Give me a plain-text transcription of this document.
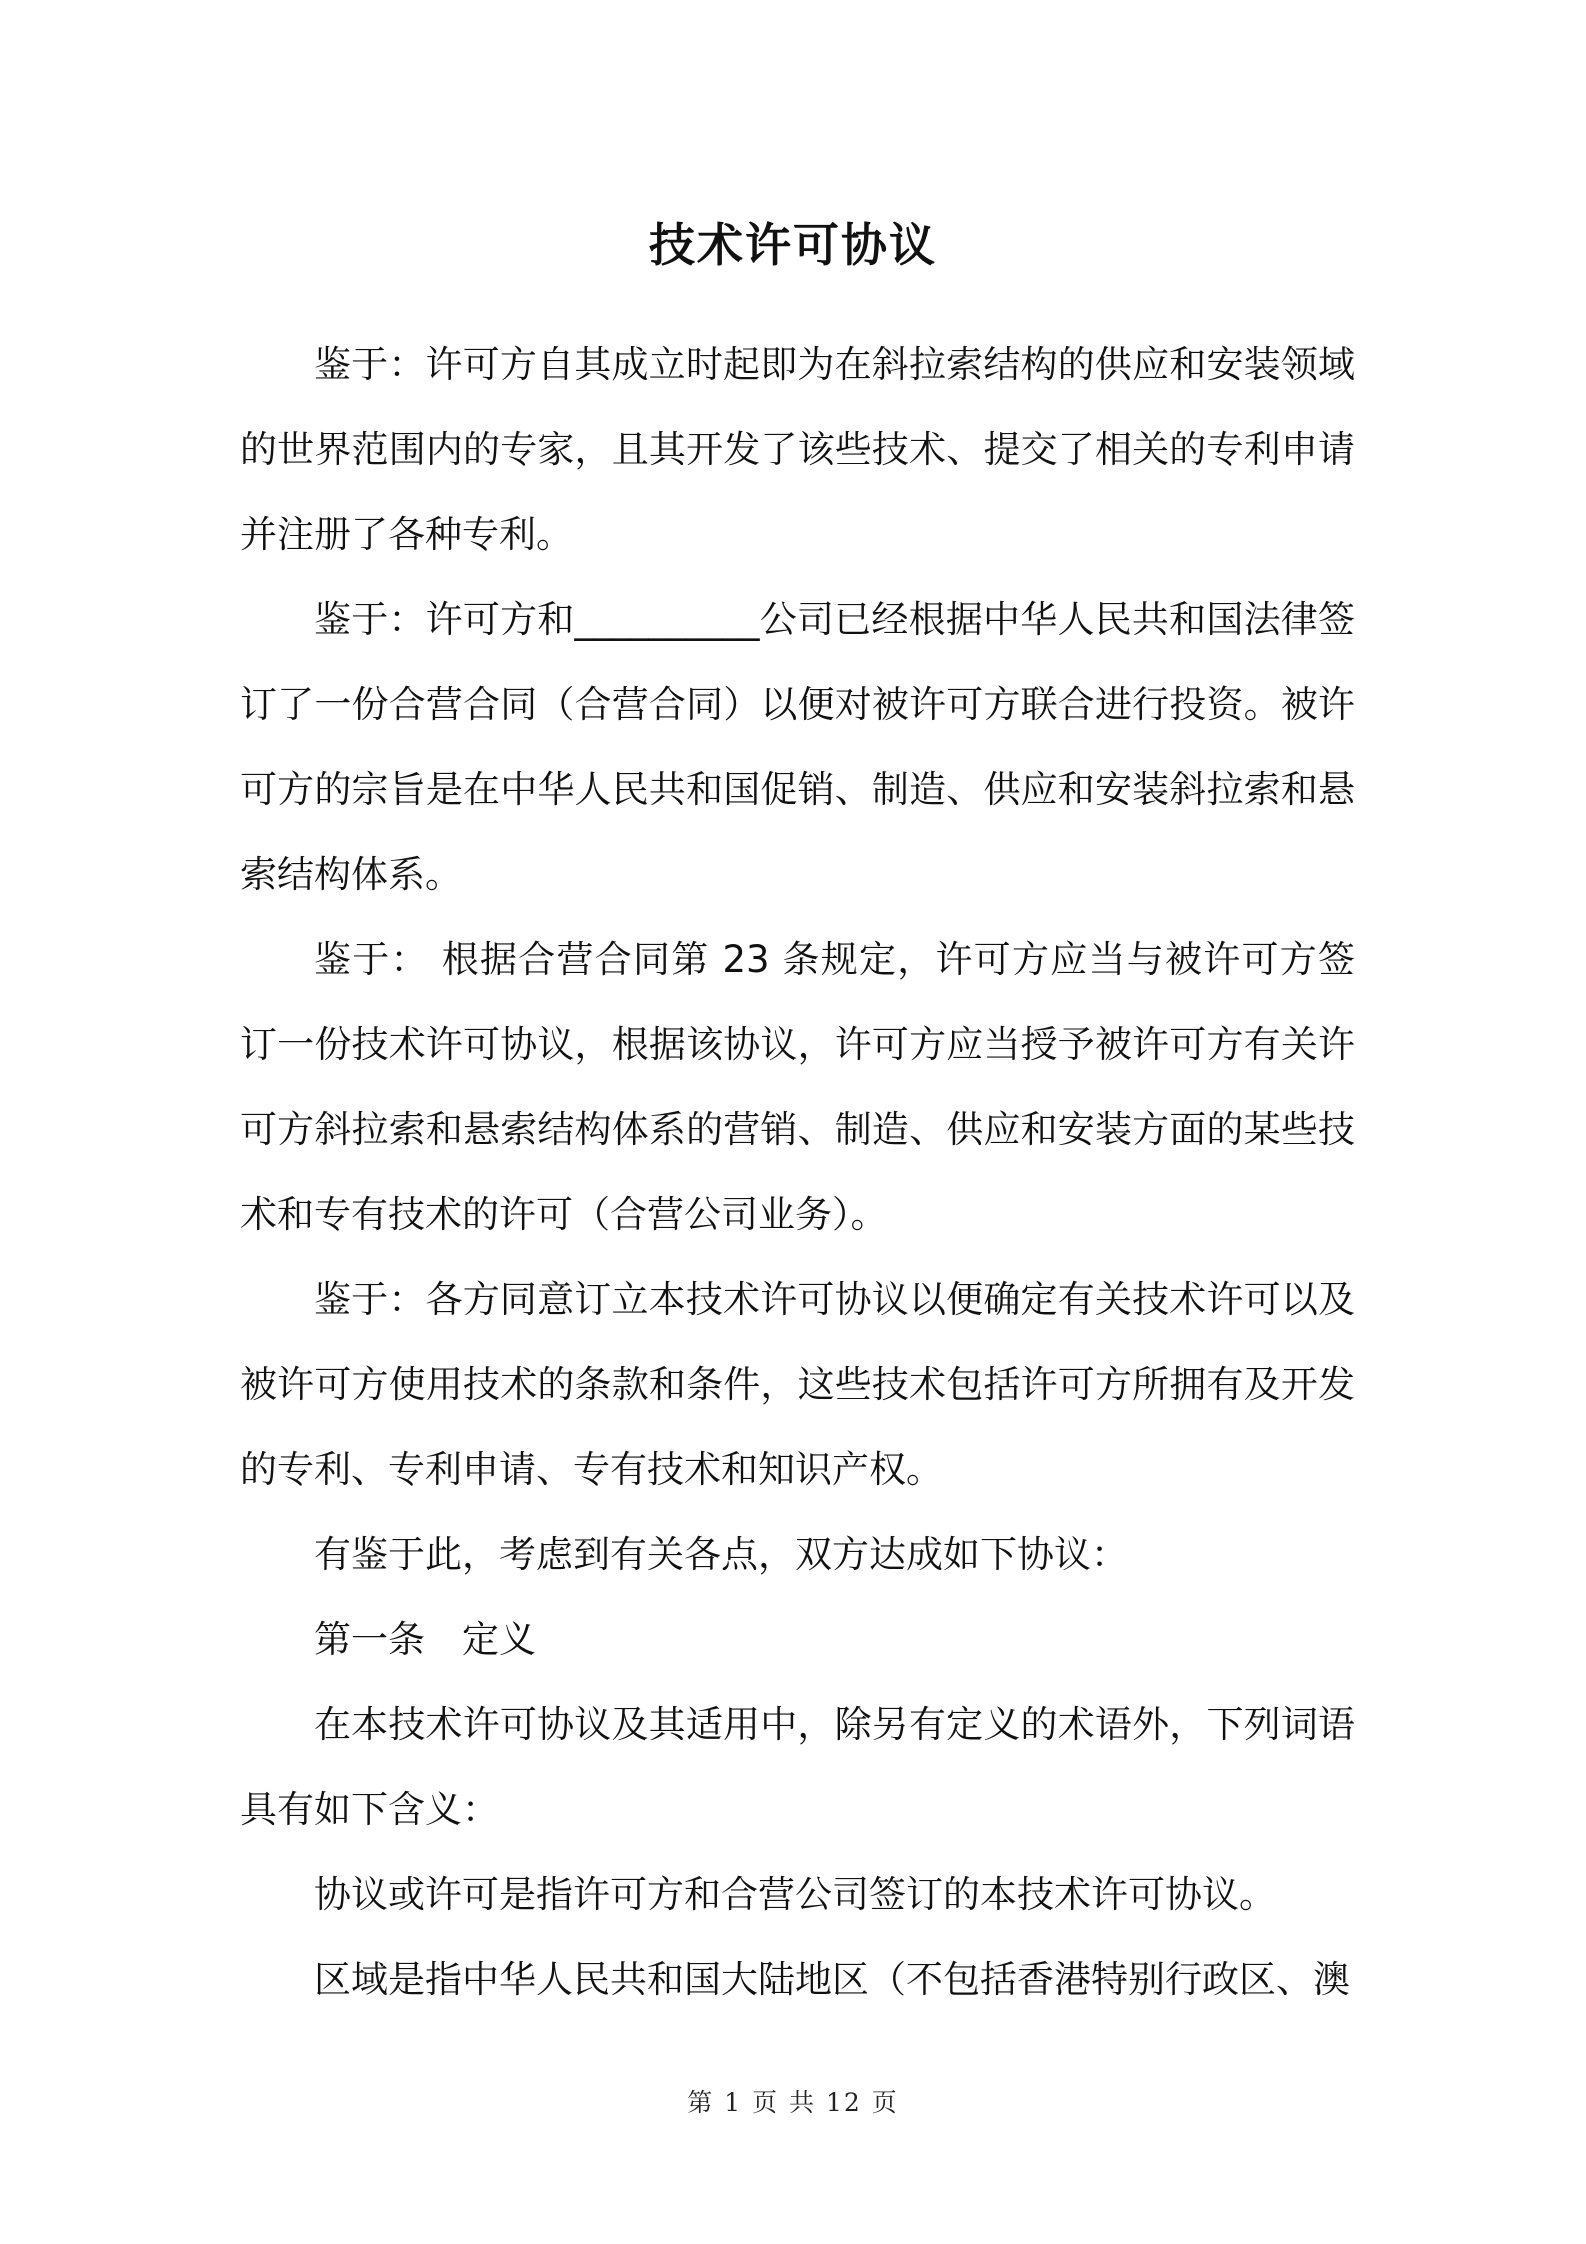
技术许可协议

鉴于：许可方自其成立时起即为在斜拉索结构的供应和安装领域的世界范围内的专家，且其开发了该些技术、提交了相关的专利申请并注册了各种专利。

鉴于：许可方和__________公司已经根据中华人民共和国法律签订了一份合营合同（合营合同）以便对被许可方联合进行投资。被许可方的宗旨是在中华人民共和国促销、制造、供应和安装斜拉索和悬索结构体系。

鉴于： 根据合营合同第 23 条规定，许可方应当与被许可方签订一份技术许可协议，根据该协议，许可方应当授予被许可方有关许可方斜拉索和悬索结构体系的营销、制造、供应和安装方面的某些技术和专有技术的许可（合营公司业务）。

鉴于：各方同意订立本技术许可协议以便确定有关技术许可以及被许可方使用技术的条款和条件，这些技术包括许可方所拥有及开发的专利、专利申请、专有技术和知识产权。

有鉴于此，考虑到有关各点，双方达成如下协议：

第一条　定义

在本技术许可协议及其适用中，除另有定义的术语外，下列词语具有如下含义：

协议或许可是指许可方和合营公司签订的本技术许可协议。

区域是指中华人民共和国大陆地区（不包括香港特别行政区、澳

第 1 页 共 12 页
